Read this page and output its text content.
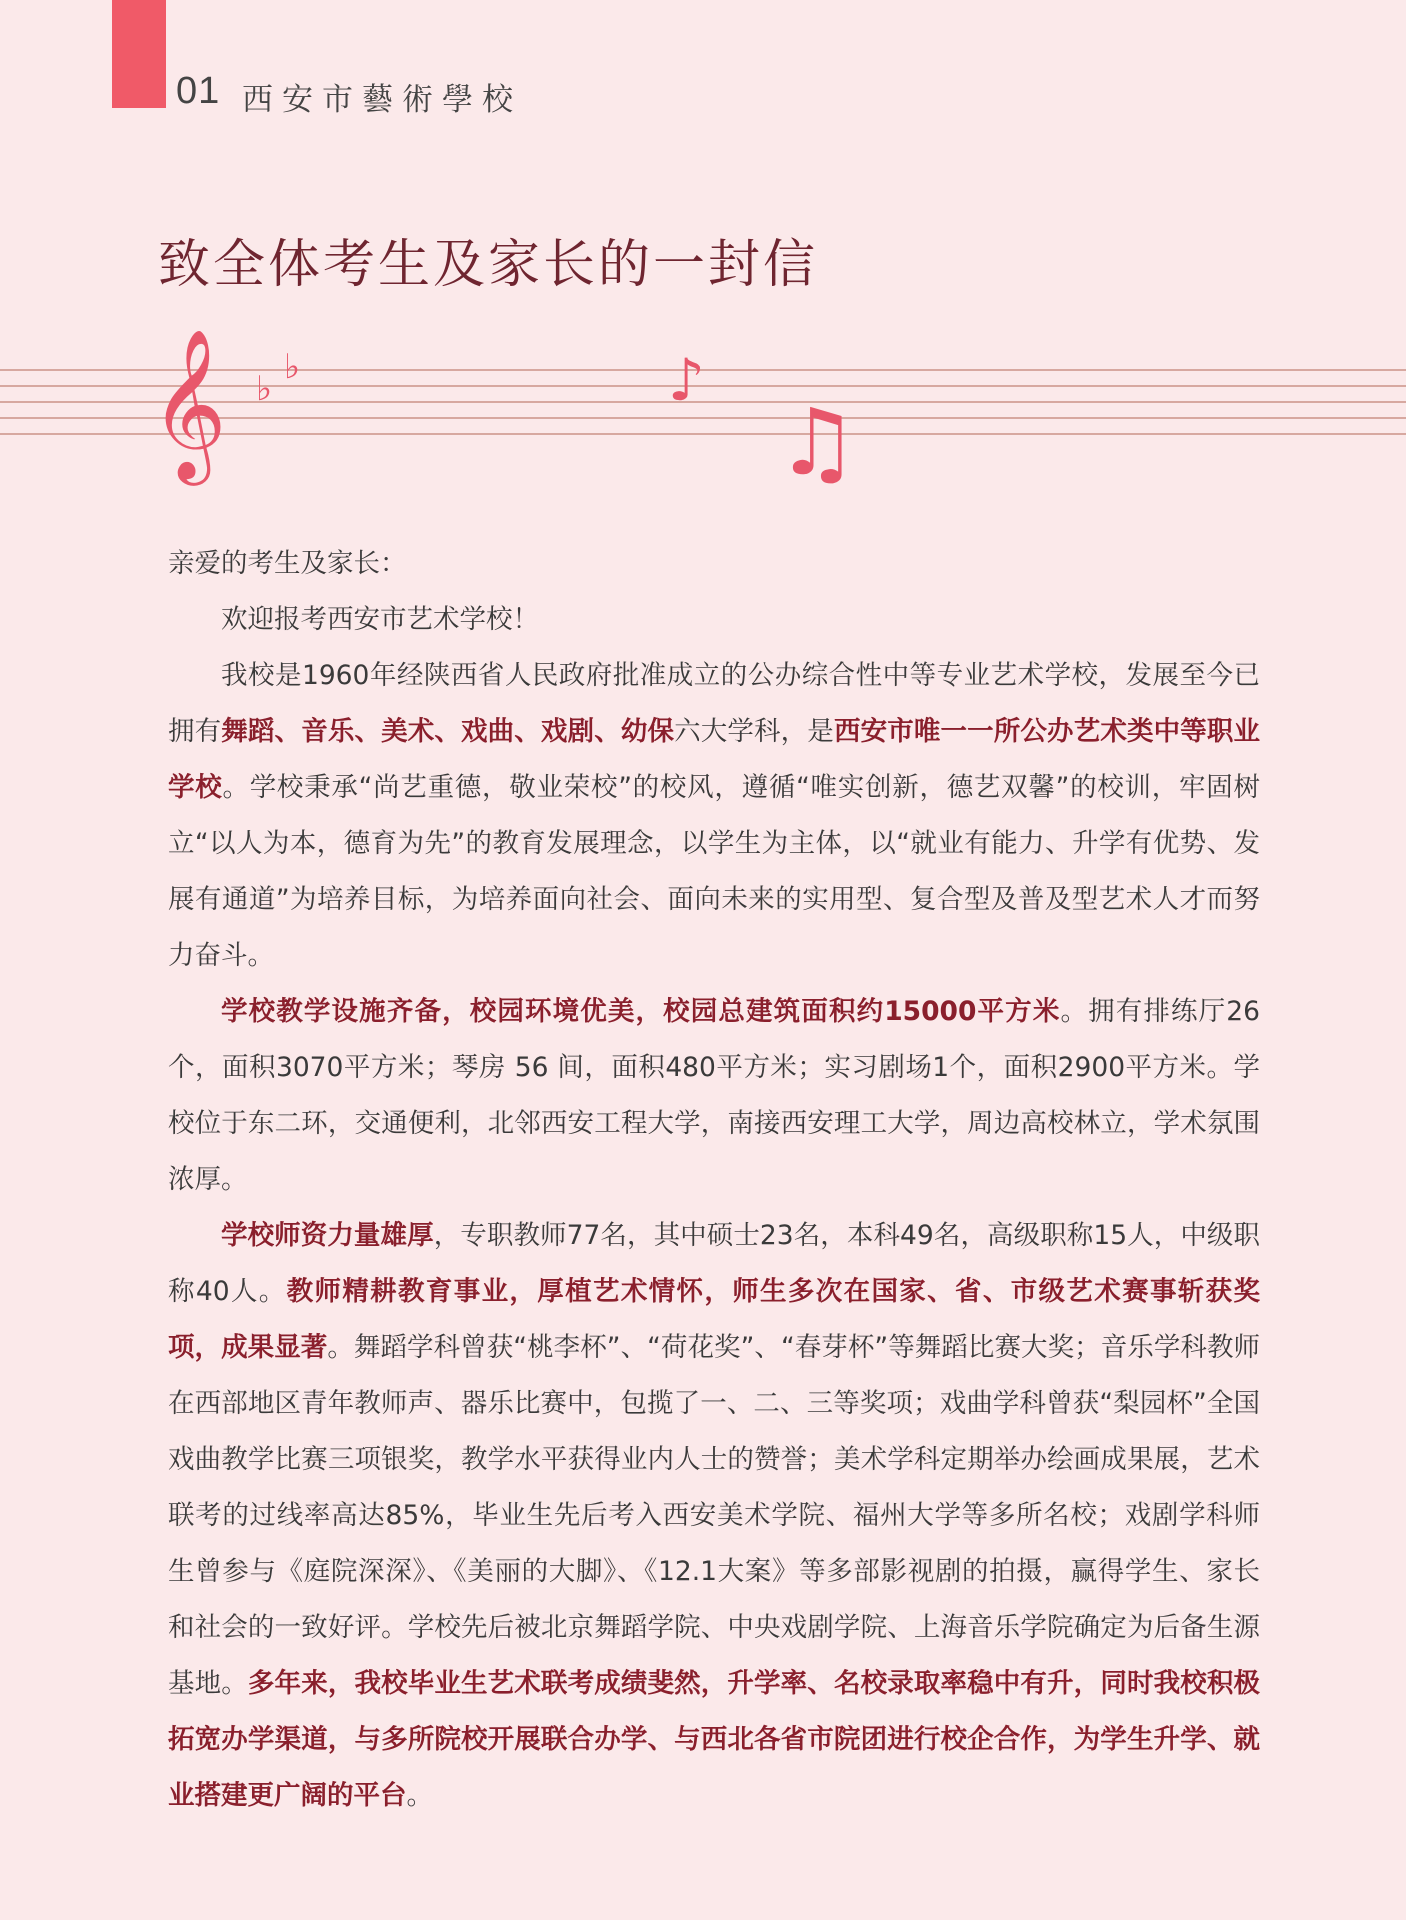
01 西安市藝術學校
致全体考生及家长的一封信
𝄞 ♭
♭	♪
♫

亲爱的考生及家长：

欢迎报考西安市艺术学校！

我校是1960年经陕西省人民政府批准成立的公办综合性中等专业艺术学校，发展至今已拥有舞蹈、音乐、美术、戏曲、戏剧、幼保六大学科，是西安市唯一一所公办艺术类中等职业学校。学校秉承“尚艺重德，敬业荣校”的校风，遵循“唯实创新，德艺双馨”的校训，牢固树立“以人为本，德育为先”的教育发展理念，以学生为主体，以“就业有能力、升学有优势、发展有通道”为培养目标，为培养面向社会、面向未来的实用型、复合型及普及型艺术人才而努力奋斗。

学校教学设施齐备，校园环境优美，校园总建筑面积约15000平方米。拥有排练厅26 个，面积3070平方米；琴房 56 间，面积480平方米；实习剧场1个，面积2900平方米。学校位于东二环，交通便利，北邻西安工程大学，南接西安理工大学，周边高校林立，学术氛围浓厚。

学校师资力量雄厚，专职教师77名，其中硕士23名，本科49名，高级职称15人，中级职称40人。教师精耕教育事业，厚植艺术情怀，师生多次在国家、省、市级艺术赛事斩获奖项，成果显著。舞蹈学科曾获“桃李杯”、“荷花奖”、“春芽杯”等舞蹈比赛大奖；音乐学科教师在西部地区青年教师声、器乐比赛中，包揽了一、二、三等奖项；戏曲学科曾获“梨园杯”全国戏曲教学比赛三项银奖，教学水平获得业内人士的赞誉；美术学科定期举办绘画成果展，艺术联考的过线率高达85%，毕业生先后考入西安美术学院、福州大学等多所名校；戏剧学科师生曾参与《庭院深深》、《美丽的大脚》、《12.1大案》等多部影视剧的拍摄，赢得学生、家长和社会的一致好评。学校先后被北京舞蹈学院、中央戏剧学院、上海音乐学院确定为后备生源基地。多年来，我校毕业生艺术联考成绩斐然，升学率、名校录取率稳中有升，同时我校积极拓宽办学渠道，与多所院校开展联合办学、与西北各省市院团进行校企合作，为学生升学、就业搭建更广阔的平台。
